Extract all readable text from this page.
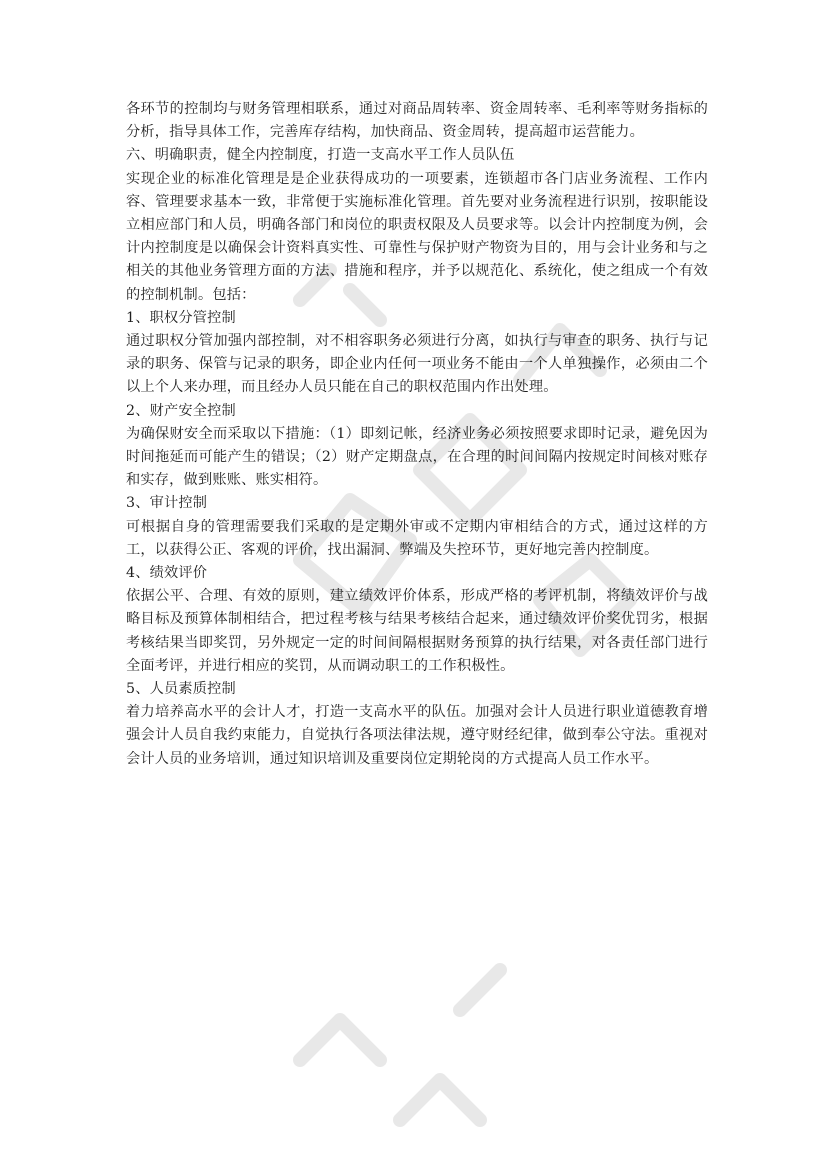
各环节的控制均与财务管理相联系，通过对商品周转率、资金周转率、毛利率等财务指标的分析，指导具体工作，完善库存结构，加快商品、资金周转，提高超市运营能力。

六、明确职责，健全内控制度，打造一支高水平工作人员队伍

实现企业的标准化管理是是企业获得成功的一项要素，连锁超市各门店业务流程、工作内容、管理要求基本一致，非常便于实施标准化管理。首先要对业务流程进行识别，按职能设立相应部门和人员，明确各部门和岗位的职责权限及人员要求等。以会计内控制度为例，会计内控制度是以确保会计资料真实性、可靠性与保护财产物资为目的，用与会计业务和与之相关的其他业务管理方面的方法、措施和程序，并予以规范化、系统化，使之组成一个有效的控制机制。包括：

1、职权分管控制

通过职权分管加强内部控制，对不相容职务必须进行分离，如执行与审查的职务、执行与记录的职务、保管与记录的职务，即企业内任何一项业务不能由一个人单独操作，必须由二个以上个人来办理，而且经办人员只能在自己的职权范围内作出处理。

2、财产安全控制

为确保财安全而采取以下措施：（1）即刻记帐，经济业务必须按照要求即时记录，避免因为时间拖延而可能产生的错误；（2）财产定期盘点，在合理的时间间隔内按规定时间核对账存和实存，做到账账、账实相符。

3、审计控制

可根据自身的管理需要我们采取的是定期外审或不定期内审相结合的方式，通过这样的方工，以获得公正、客观的评价，找出漏洞、弊端及失控环节，更好地完善内控制度。

4、绩效评价

依据公平、合理、有效的原则，建立绩效评价体系，形成严格的考评机制，将绩效评价与战略目标及预算体制相结合，把过程考核与结果考核结合起来，通过绩效评价奖优罚劣，根据考核结果当即奖罚，另外规定一定的时间间隔根据财务预算的执行结果，对各责任部门进行全面考评，并进行相应的奖罚，从而调动职工的工作积极性。

5、人员素质控制

着力培养高水平的会计人才，打造一支高水平的队伍。加强对会计人员进行职业道德教育增强会计人员自我约束能力，自觉执行各项法律法规，遵守财经纪律，做到奉公守法。重视对会计人员的业务培训，通过知识培训及重要岗位定期轮岗的方式提高人员工作水平。
